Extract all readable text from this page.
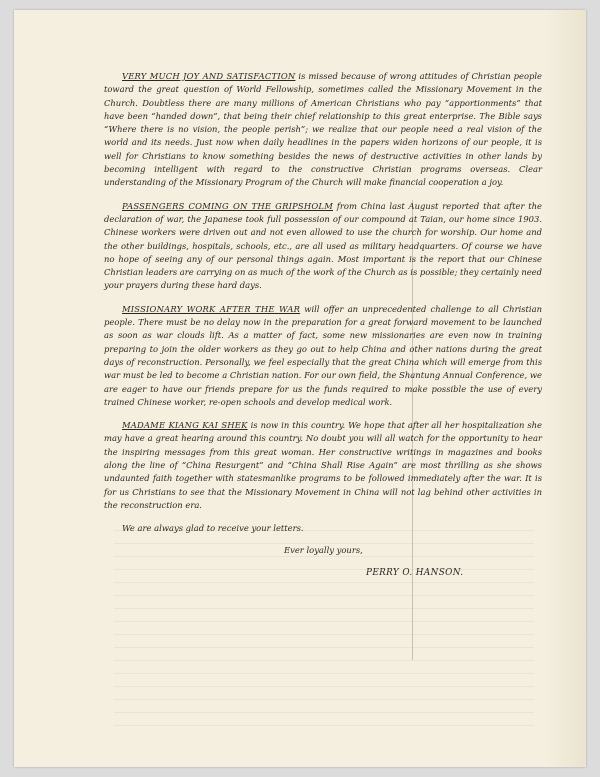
VERY MUCH JOY AND SATISFACTION is missed because of wrong attitudes of Christian people toward the great question of World Fellowship, sometimes called the Missionary Movement in the Church. Doubtless there are many millions of American Christians who pay “apportionments” that have been “handed down”, that being their chief relationship to this great enterprise. The Bible says “Where there is no vision, the people perish”; we realize that our people need a real vision of the world and its needs. Just now when daily headlines in the papers widen horizons of our people, it is well for Christians to know something besides the news of destructive activities in other lands by becoming intelligent with regard to the constructive Christian programs overseas. Clear understanding of the Missionary Program of the Church will make financial cooperation a joy.

PASSENGERS COMING ON THE GRIPSHOLM from China last August reported that after the declaration of war, the Japanese took full possession of our compound at Taian, our home since 1903. Chinese workers were driven out and not even allowed to use the church for worship. Our home and the other buildings, hospitals, schools, etc., are all used as military headquarters. Of course we have no hope of seeing any of our personal things again. Most important is the report that our Chinese Christian leaders are carrying on as much of the work of the Church as is possible; they certainly need your prayers during these hard days.

MISSIONARY WORK AFTER THE WAR will offer an unprecedented challenge to all Christian people. There must be no delay now in the preparation for a great forward movement to be launched as soon as war clouds lift. As a matter of fact, some new missionaries are even now in training preparing to join the older workers as they go out to help China and other nations during the great days of reconstruction. Personally, we feel especially that the great China which will emerge from this war must be led to become a Christian nation. For our own field, the Shantung Annual Conference, we are eager to have our friends prepare for us the funds required to make possible the use of every trained Chinese worker, re-open schools and develop medical work.

MADAME KIANG KAI SHEK is now in this country. We hope that after all her hospitalization she may have a great hearing around this country. No doubt you will all watch for the opportunity to hear the inspiring messages from this great woman. Her constructive writings in magazines and books along the line of “China Resurgent” and “China Shall Rise Again” are most thrilling as she shows undaunted faith together with statesmanlike programs to be followed immediately after the war. It is for us Christians to see that the Missionary Movement in China will not lag behind other activities in the reconstruction era.

We are always glad to receive your letters.

Ever loyally yours,

PERRY O. HANSON.
